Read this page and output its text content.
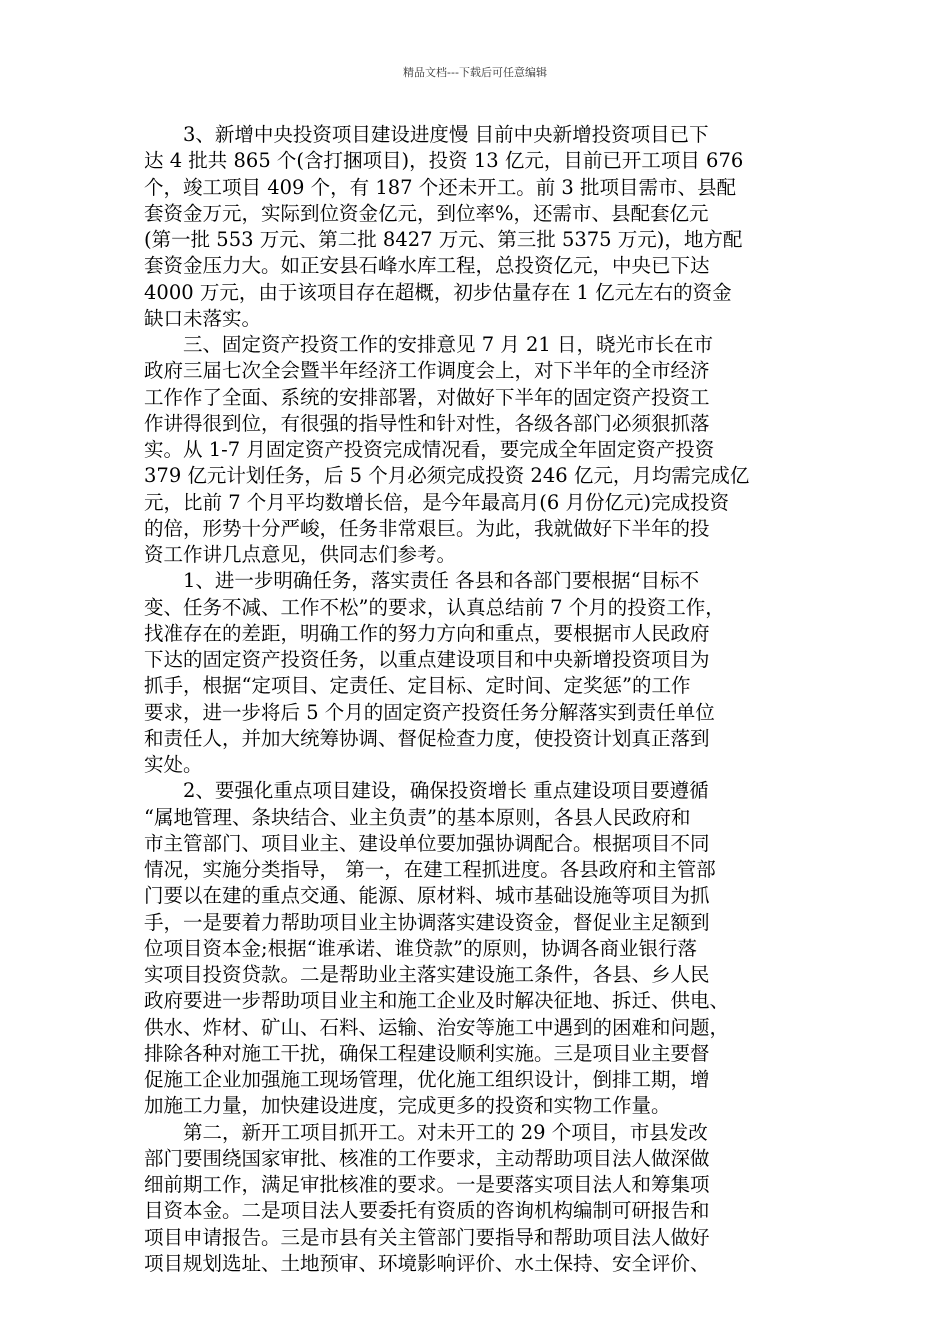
精品文档---下载后可任意编辑
　　3、新增中央投资项目建设进度慢 目前中央新增投资项目已下
达 4 批共 865 个(含打捆项目)，投资 13 亿元，目前已开工项目 676
个，竣工项目 409 个，有 187 个还未开工。前 3 批项目需市、县配
套资金万元，实际到位资金亿元，到位率%，还需市、县配套亿元
(第一批 553 万元、第二批 8427 万元、第三批 5375 万元)，地方配
套资金压力大。如正安县石峰水库工程，总投资亿元，中央已下达
4000 万元，由于该项目存在超概，初步估量存在 1 亿元左右的资金
缺口未落实。
　　三、固定资产投资工作的安排意见 7 月 21 日，晓光市长在市
政府三届七次全会暨半年经济工作调度会上，对下半年的全市经济
工作作了全面、系统的安排部署，对做好下半年的固定资产投资工
作讲得很到位，有很强的指导性和针对性，各级各部门必须狠抓落
实。从 1-7 月固定资产投资完成情况看，要完成全年固定资产投资
379 亿元计划任务，后 5 个月必须完成投资 246 亿元，月均需完成亿
元，比前 7 个月平均数增长倍，是今年最高月(6 月份亿元)完成投资
的倍，形势十分严峻，任务非常艰巨。为此，我就做好下半年的投
资工作讲几点意见，供同志们参考。
　　1、进一步明确任务，落实责任 各县和各部门要根据“目标不
变、任务不减、工作不松”的要求，认真总结前 7 个月的投资工作，
找准存在的差距，明确工作的努力方向和重点，要根据市人民政府
下达的固定资产投资任务，以重点建设项目和中央新增投资项目为
抓手，根据“定项目、定责任、定目标、定时间、定奖惩”的工作
要求，进一步将后 5 个月的固定资产投资任务分解落实到责任单位
和责任人，并加大统筹协调、督促检查力度，使投资计划真正落到
实处。
　　2、要强化重点项目建设，确保投资增长 重点建设项目要遵循
“属地管理、条块结合、业主负责”的基本原则，各县人民政府和
市主管部门、项目业主、建设单位要加强协调配合。根据项目不同
情况，实施分类指导， 第一，在建工程抓进度。各县政府和主管部
门要以在建的重点交通、能源、原材料、城市基础设施等项目为抓
手，一是要着力帮助项目业主协调落实建设资金，督促业主足额到
位项目资本金;根据“谁承诺、谁贷款”的原则，协调各商业银行落
实项目投资贷款。二是帮助业主落实建设施工条件，各县、乡人民
政府要进一步帮助项目业主和施工企业及时解决征地、拆迁、供电、
供水、炸材、矿山、石料、运输、治安等施工中遇到的困难和问题，
排除各种对施工干扰，确保工程建设顺利实施。三是项目业主要督
促施工企业加强施工现场管理，优化施工组织设计，倒排工期，增
加施工力量，加快建设进度，完成更多的投资和实物工作量。
　　第二，新开工项目抓开工。对未开工的 29 个项目，市县发改
部门要围绕国家审批、核准的工作要求，主动帮助项目法人做深做
细前期工作，满足审批核准的要求。一是要落实项目法人和筹集项
目资本金。二是项目法人要委托有资质的咨询机构编制可研报告和
项目申请报告。三是市县有关主管部门要指导和帮助项目法人做好
项目规划选址、土地预审、环境影响评价、水土保持、安全评价、
